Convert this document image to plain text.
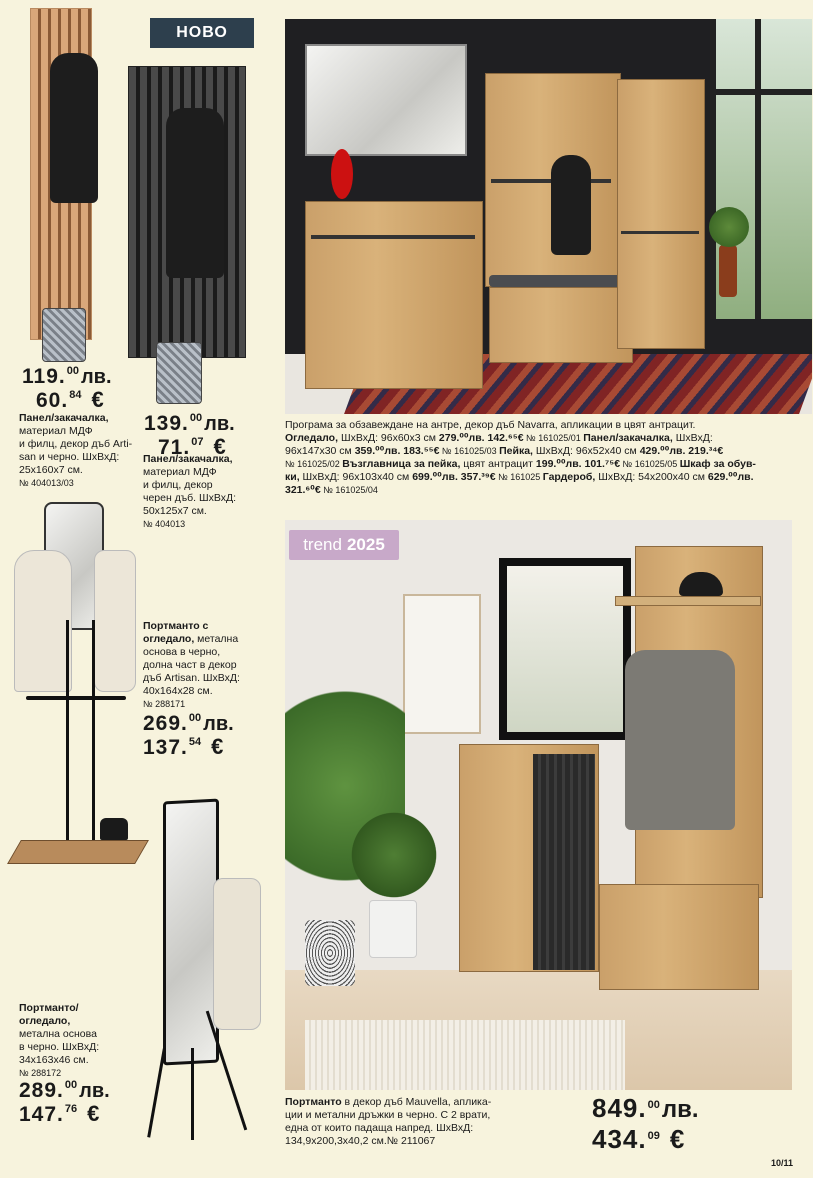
НОВО
119.00 лв.
60.84 €
Панел/закачалка,
материал МДФ
и филц, декор дъб Arti-
san и черно. ШхВхД:
25х160х7 см.
№ 404013/03
139.00 лв.
71.07 €
Панел/закачалка,
материал МДФ
и филц, декор
черен дъб. ШхВхД:
50х125х7 см.
№ 404013
Портманто с
огледало, метална
основа в черно,
долна част в декор
дъб Artisan. ШхВхД:
40х164х28 см.
№ 288171
269.00 лв.
137.54 €
Портманто/
огледало,
метална основа
в черно. ШхВхД:
34х163х46 см.
№ 288172
289.00 лв.
147.76 €
Програма за обзавеждане на антре, декор дъб Navarra, апликации в цвят антрацит.
Огледало, ШхВхД: 96х60х3 см 279.⁰⁰лв. 142.⁶⁵€ № 161025/01 Панел/закачалка, ШхВхД:
96х147х30 см 359.⁰⁰лв. 183.⁵⁵€ № 161025/03 Пейка, ШхВхД: 96х52х40 см 429.⁰⁰лв. 219.³⁴€
№ 161025/02 Възглавница за пейка, цвят антрацит 199.⁰⁰лв. 101.⁷⁵€ № 161025/05 Шкаф за обув-
ки, ШхВхД: 96х103х40 см 699.⁰⁰лв. 357.³⁹€ № 161025 Гардероб, ШхВхД: 54х200х40 см 629.⁰⁰лв.
321.⁶⁰€ № 161025/04
trend 2025
Портманто в декор дъб Mauvella, аплика-
ции и метални дръжки в черно. С 2 врати,
една от които падаща напред. ШхВхД:
134,9х200,3х40,2 см.№ 211067
849.00лв.
434.09 €
10/11
